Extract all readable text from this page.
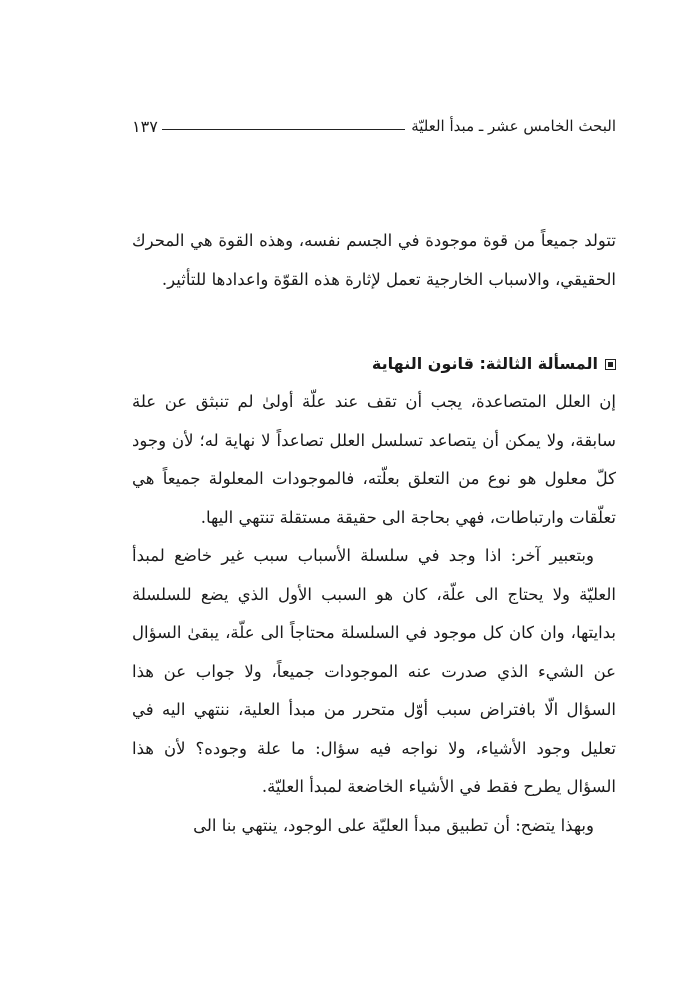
البحث الخامس عشر ـ مبدأ العليّة
١٣٧

تتولد جميعاً من قوة موجودة في الجسم نفسه، وهذه القوة هي المحرك الحقيقي، والاسباب الخارجية تعمل لإثارة هذه القوّة واعدادها للتأثير.

المسألة الثالثة: قانون النهاية

إن العلل المتصاعدة، يجب أن تقف عند علّة أولىٰ لم تنبثق عن علة سابقة، ولا يمكن أن يتصاعد تسلسل العلل تصاعداً لا نهاية له؛ لأن وجود كلّ معلول هو نوع من التعلق بعلّته، فالموجودات المعلولة جميعاً هي تعلّقات وارتباطات، فهي بحاجة الى حقيقة مستقلة تنتهي اليها.

وبتعبير آخر: اذا وجد في سلسلة الأسباب سبب غير خاضع لمبدأ العليّة ولا يحتاج الى علّة، كان هو السبب الأول الذي يضع للسلسلة بدايتها، وان كان كل موجود في السلسلة محتاجاً الى علّة، يبقىٰ السؤال عن الشيء الذي صدرت عنه الموجودات جميعاً، ولا جواب عن هذا السؤال الّا بافتراض سبب أوّل متحرر من مبدأ العلية، ننتهي اليه في تعليل وجود الأشياء، ولا نواجه فيه سؤال: ما علة وجوده؟ لأن هذا السؤال يطرح فقط في الأشياء الخاضعة لمبدأ العليّة.

وبهذا يتضح: أن تطبيق مبدأ العليّة على الوجود، ينتهي بنا الى
